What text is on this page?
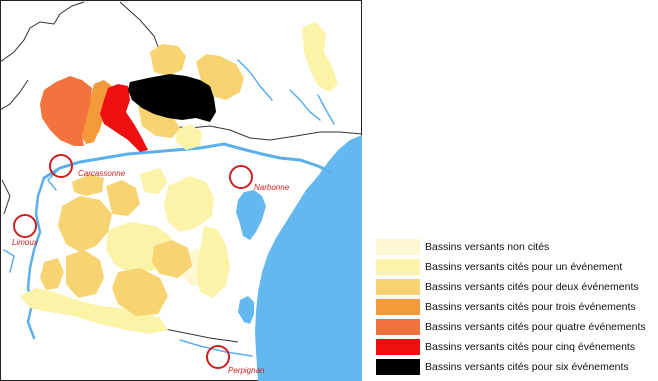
Carcassonne
Narbonne
Limoux
Perpignan
Bassins versants non cités
Bassins versants cités pour un événement
Bassins versants cités pour deux événements
Bassins versants cités pour trois événements
Bassins versants cités pour quatre événements
Bassins versants cités pour cinq événements
Bassins versants cités pour six événements
